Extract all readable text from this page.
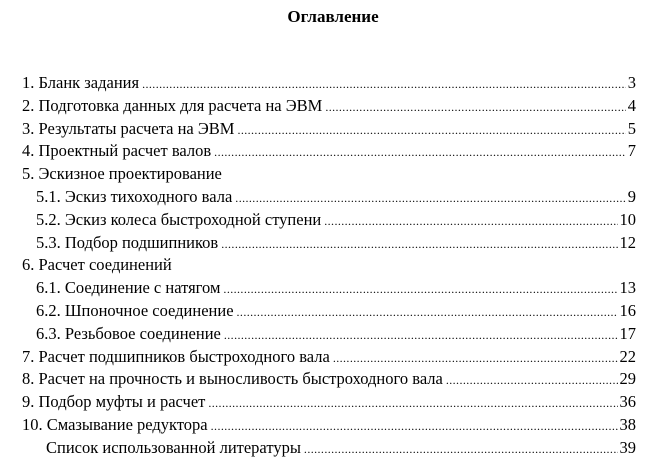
Оглавление
1. Бланк задания .....	3
2. Подготовка данных для расчета на ЭВМ .....	4
3. Результаты расчета на ЭВМ .....	5
4. Проектный расчет валов .....	7
5. Эскизное проектирование
5.1. Эскиз тихоходного вала .....	9
5.2. Эскиз колеса быстроходной ступени .....	10
5.3. Подбор подшипников .....	12
6. Расчет соединений
6.1. Соединение с натягом .....	13
6.2. Шпоночное соединение .....	16
6.3. Резьбовое соединение .....	17
7. Расчет подшипников быстроходного вала .....	22
8. Расчет на прочность и выносливость быстроходного вала .....	29
9. Подбор муфты и расчет .....	36
10. Смазывание редуктора .....	38
Список использованной литературы .....	39
